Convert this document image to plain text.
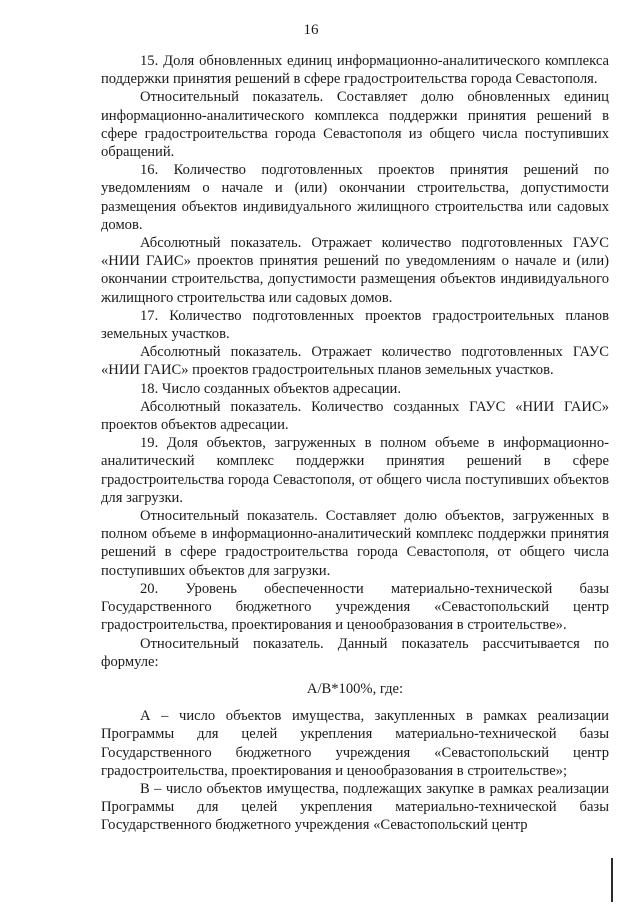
16

15. Доля обновленных единиц информационно-аналитического комплекса поддержки принятия решений в сфере градостроительства города Севастополя.

Относительный показатель. Составляет долю обновленных единиц информационно-аналитического комплекса поддержки принятия решений в сфере градостроительства города Севастополя из общего числа поступивших обращений.

16. Количество подготовленных проектов принятия решений по уведомлениям о начале и (или) окончании строительства, допустимости размещения объектов индивидуального жилищного строительства или садовых домов.

Абсолютный показатель. Отражает количество подготовленных ГАУС «НИИ ГАИС» проектов принятия решений по уведомлениям о начале и (или) окончании строительства, допустимости размещения объектов индивидуального жилищного строительства или садовых домов.

17. Количество подготовленных проектов градостроительных планов земельных участков.

Абсолютный показатель. Отражает количество подготовленных ГАУС «НИИ ГАИС» проектов градостроительных планов земельных участков.

18. Число созданных объектов адресации.

Абсолютный показатель. Количество созданных ГАУС «НИИ ГАИС» проектов объектов адресации.

19. Доля объектов, загруженных в полном объеме в информационно-аналитический комплекс поддержки принятия решений в сфере градостроительства города Севастополя, от общего числа поступивших объектов для загрузки.

Относительный показатель. Составляет долю объектов, загруженных в полном объеме в информационно-аналитический комплекс поддержки принятия решений в сфере градостроительства города Севастополя, от общего числа поступивших объектов для загрузки.

20. Уровень обеспеченности материально-технической базы Государственного бюджетного учреждения «Севастопольский центр градостроительства, проектирования и ценообразования в строительстве».

Относительный показатель. Данный показатель рассчитывается по формуле:

А/В*100%, где:

А – число объектов имущества, закупленных в рамках реализации Программы для целей укрепления материально-технической базы Государственного бюджетного учреждения «Севастопольский центр градостроительства, проектирования и ценообразования в строительстве»;

В – число объектов имущества, подлежащих закупке в рамках реализации Программы для целей укрепления материально-технической базы Государственного бюджетного учреждения «Севастопольский центр
